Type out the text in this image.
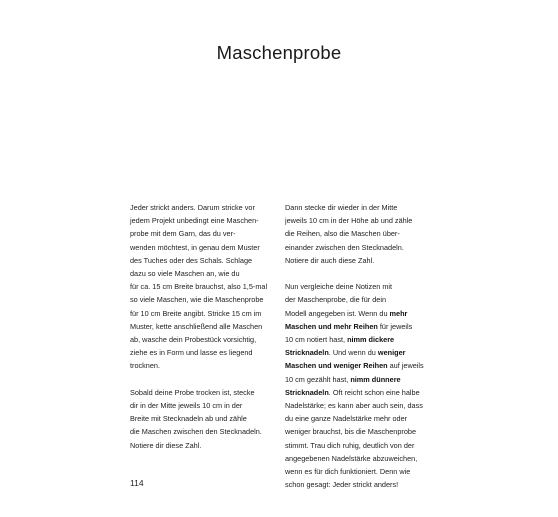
Maschenprobe
Jeder strickt anders. Darum stricke vor
jedem Projekt unbedingt eine Maschen-
probe mit dem Garn, das du ver-
wenden möchtest, in genau dem Muster
des Tuches oder des Schals. Schlage
dazu so viele Maschen an, wie du
für ca. 15 cm Breite brauchst, also 1,5-mal
so viele Maschen, wie die Maschenprobe
für 10 cm Breite angibt. Stricke 15 cm im
Muster, kette anschließend alle Maschen
ab, wasche dein Probestück vorsichtig,
ziehe es in Form und lasse es liegend
trocknen.
Sobald deine Probe trocken ist, stecke
dir in der Mitte jeweils 10 cm in der
Breite mit Stecknadeln ab und zähle
die Maschen zwischen den Stecknadeln.
Notiere dir diese Zahl.
Dann stecke dir wieder in der Mitte
jeweils 10 cm in der Höhe ab und zähle
die Reihen, also die Maschen über-
einander zwischen den Stecknadeln.
Notiere dir auch diese Zahl.
Nun vergleiche deine Notizen mit
der Maschenprobe, die für dein
Modell angegeben ist. Wenn du mehr
Maschen und mehr Reihen für jeweils
10 cm notiert hast, nimm dickere
Stricknadeln. Und wenn du weniger
Maschen und weniger Reihen auf jeweils
10 cm gezählt hast, nimm dünnere
Stricknadeln. Oft reicht schon eine halbe
Nadelstärke; es kann aber auch sein, dass
du eine ganze Nadelstärke mehr oder
weniger brauchst, bis die Maschenprobe
stimmt. Trau dich ruhig, deutlich von der
angegebenen Nadelstärke abzuweichen,
wenn es für dich funktioniert. Denn wie
schon gesagt: Jeder strickt anders!
114
